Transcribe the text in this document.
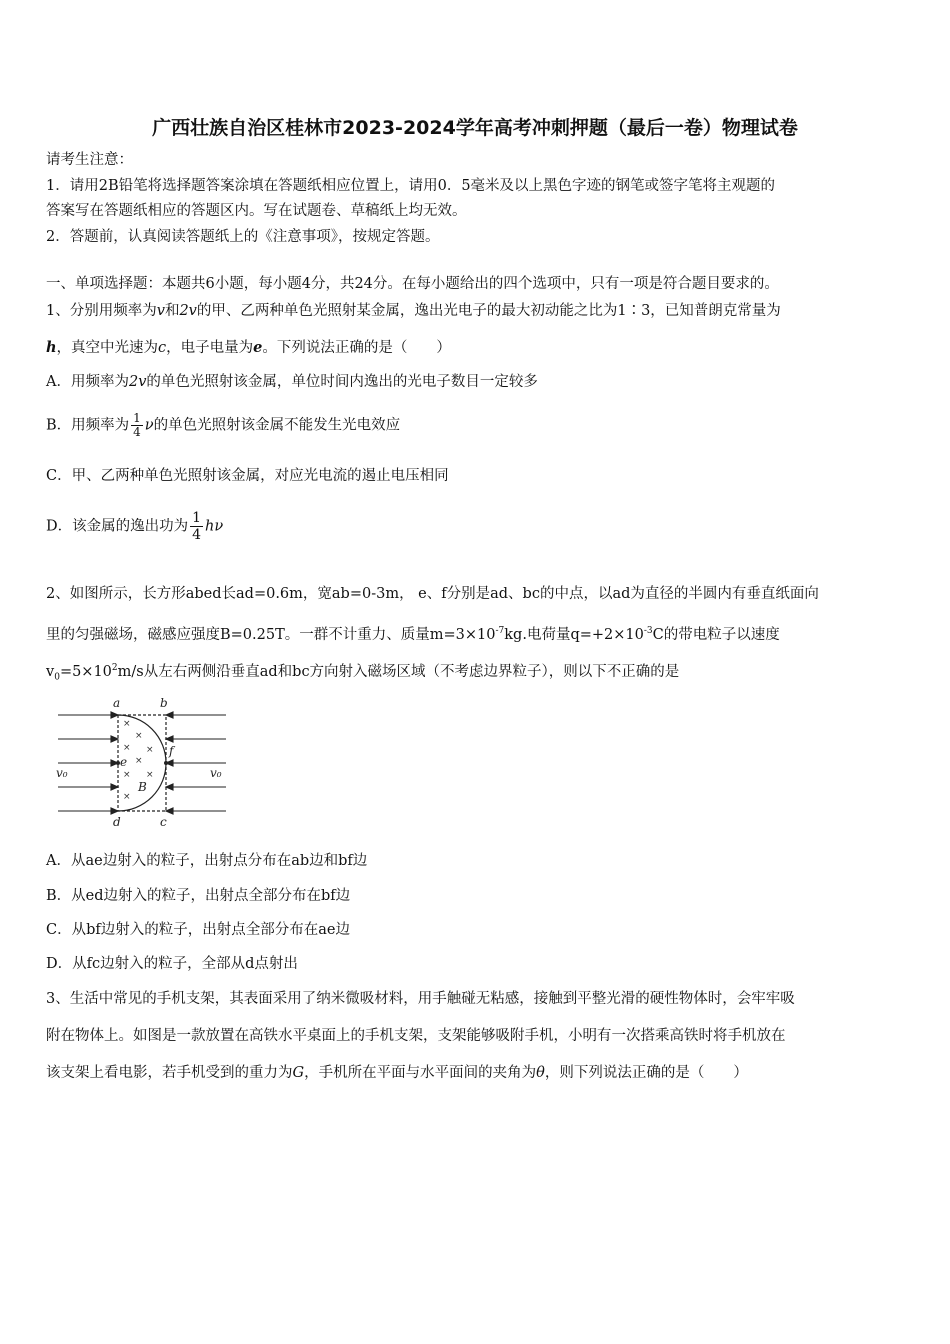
广西壮族自治区桂林市2023-2024学年高考冲刺押题（最后一卷）物理试卷
请考生注意：
1．请用2B铅笔将选择题答案涂填在答题纸相应位置上，请用0．5毫米及以上黑色字迹的钢笔或签字笔将主观题的
答案写在答题纸相应的答题区内。写在试题卷、草稿纸上均无效。
2．答题前，认真阅读答题纸上的《注意事项》，按规定答题。
一、单项选择题：本题共6小题，每小题4分，共24分。在每小题给出的四个选项中，只有一项是符合题目要求的。
1、分别用频率为v和2v的甲、乙两种单色光照射某金属，逸出光电子的最大初动能之比为1∶3，已知普朗克常量为
h，真空中光速为c，电子电量为e。下列说法正确的是（　　）
A．用频率为2v的单色光照射该金属，单位时间内逸出的光电子数目一定较多
B．用频率为 $\frac{1}{4}$ ν的单色光照射该金属不能发生光电效应
C．甲、乙两种单色光照射该金属，对应光电流的遏止电压相同
D．该金属的逸出功为 $\frac{1}{4}$ hν
2、如图所示，长方形abed长ad=0.6m，宽ab=0-3m， e、f分别是ad、bc的中点，以ad为直径的半圆内有垂直纸面向
里的匀强磁场，磁感应强度B=0.25T。一群不计重力、质量$m=3\times 10^{-7}kg$.电荷量$q=+2\times 10^{-3}C$的带电粒子以速度
$v_0=5\times 10^2m/s$从左右两侧沿垂直ad和bc方向射入磁场区域（不考虑边界粒子），则以下不正确的是
×
×
×
×
×
×
×
×
a	b
d	c
e
f
B
v₀	v₀
A．从ae边射入的粒子，出射点分布在ab边和bf边
B．从ed边射入的粒子，出射点全部分布在bf边
C．从bf边射入的粒子，出射点全部分布在ae边
D．从fc边射入的粒子，全部从d点射出
3、生活中常见的手机支架，其表面采用了纳米微吸材料，用手触碰无粘感，接触到平整光滑的硬性物体时，会牢牢吸
附在物体上。如图是一款放置在高铁水平桌面上的手机支架，支架能够吸附手机，小明有一次搭乘高铁时将手机放在
该支架上看电影，若手机受到的重力为G，手机所在平面与水平面间的夹角为θ，则下列说法正确的是（　　）
